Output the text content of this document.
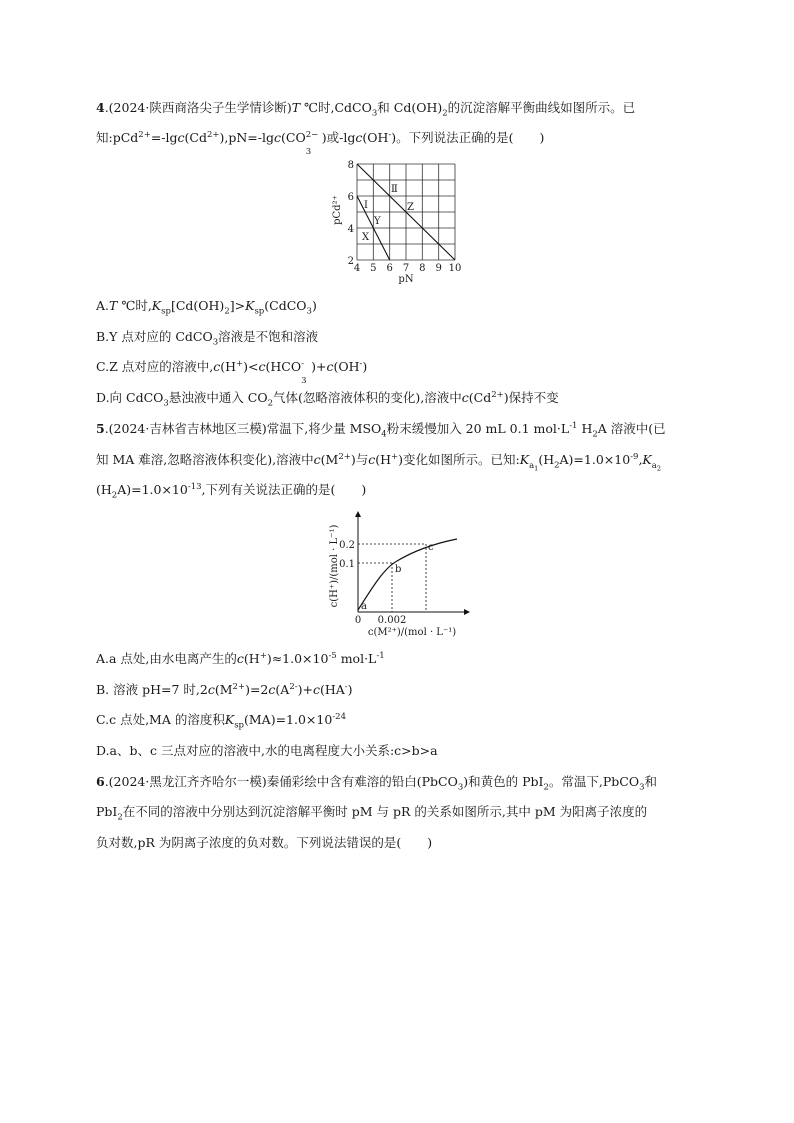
4.(2024·陕西商洛尖子生学情诊断)T ℃时,CdCO$_3$和 $Cd(OH)_2$的沉淀溶解平衡曲线如图所示。已
知$:pCd^{2+}=-\lg c(Cd^{2+}),pN=-\lg c(CO$ 2−
3
)或-lgc(OH-)。下列说法正确的是( )
Ⅰ
Ⅱ
X
Y
Z
4 5 6 7 8 9 10
2
4
6
8
pN
pCd²⁺
A.T ℃时$,K_{sp}[Cd(OH)_2]>K_{sp}(CdCO_3)$
B.Y 点对应的 CdCO$_3$溶液是不饱和溶液
C.Z 点对应的溶液中,c(H+)<c(HCO -
3
)+c(OH-)
D.向 CdCO$_3$悬浊液中通入 $CO_2$气体(忽略溶液体积的变化),溶液中$c(Cd^{2+})$保持不变
5.(2024·吉林省吉林地区三模)常温下,将少量 $MSO_4$粉末缓慢加入 20 mL 0.1 $mol\cdot L^{-1}$ $H_2A$ 溶液中(已
知 MA 难溶,忽略溶液体积变化),溶液中$c(M^{2+})$与c(H+)变化如图所示。已知$:K_{a_1}(H_2A)=1.0\times 10^{-9},K_{a_2}$
$(H_2A)=1.0\times 10^{-13}$,下列有关说法正确的是( )
a
b
c
0.2
0.1
0 0.002
c(M²⁺)/(mol · L⁻¹)
c(H⁺)/(mol · L⁻¹)
A.a 点处,由水电离产生的$c(H^+)\approx 1.0\times 10^{-5}$ $mol\cdot L^{-1}$
B. 溶液 pH=7 时$,2c(M^{2+})=2c(A^{2-})+c(HA^-)$
C.c 点处,MA 的溶度积$K_{sp}(MA)=1.0\times 10^{-24}$
D.a、b、c 三点对应的溶液中,水的电离程度大小关系:c>b>a
6.(2024·黑龙江齐齐哈尔一模)秦俑彩绘中含有难溶的铅白(PbCO$_3$)和黄色的 PbI$_2$。常温下,PbCO$_3$和
PbI$_2$在不同的溶液中分别达到沉淀溶解平衡时 pM 与 pR 的关系如图所示,其中 pM 为阳离子浓度的
负对数,pR 为阴离子浓度的负对数。下列说法错误的是( )
